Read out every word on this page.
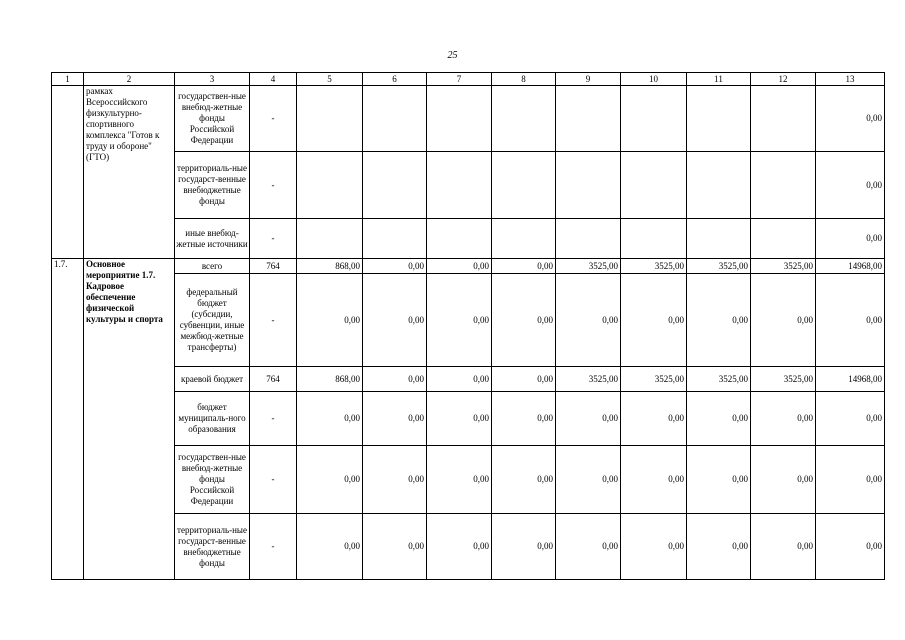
25
1	2	3	4	5	6	7	8	9	10	11	12	13
	рамках Всероссийского физкультурно-спортивного комплекса "Готов к труду и обороне" (ГТО)	государствен-ные внебюд-жетные фонды Российской Федерации	-									0,00
		территориаль-ные государст-венные внебюджетные фонды	-									0,00
		иные внебюд-жетные источники	-									0,00
1.7.	Основное мероприятие 1.7. Кадровое обеспечение физической культуры и спорта	всего	764	868,00	0,00	0,00	0,00	3525,00	3525,00	3525,00	3525,00	14968,00
		федеральный бюджет (субсидии, субвенции, иные межбюд-жетные трансферты)	-	0,00	0,00	0,00	0,00	0,00	0,00	0,00	0,00	0,00
		краевой бюджет	764	868,00	0,00	0,00	0,00	3525,00	3525,00	3525,00	3525,00	14968,00
		бюджет муниципаль-ного образования	-	0,00	0,00	0,00	0,00	0,00	0,00	0,00	0,00	0,00
		государствен-ные внебюд-жетные фонды Российской Федерации	-	0,00	0,00	0,00	0,00	0,00	0,00	0,00	0,00	0,00
		территориаль-ные государст-венные внебюджетные фонды	-	0,00	0,00	0,00	0,00	0,00	0,00	0,00	0,00	0,00
